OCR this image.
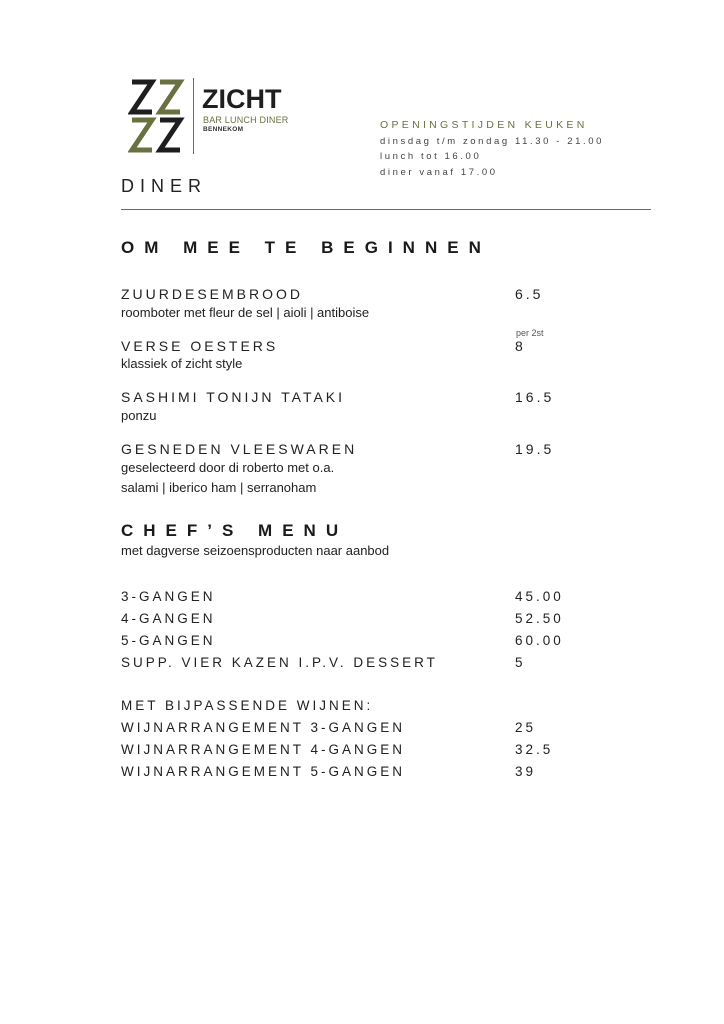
ZICHT
BAR LUNCH DINER
BENNEKOM	OPENINGSTIJDEN KEUKEN
dinsdag t/m zondag 11.30 - 21.00
lunch tot 16.00
diner vanaf 17.00
DINER
OM MEE TE BEGINNEN
ZUURDESEMBROOD	6.5
roomboter met fleur de sel | aioli | antiboise
per 2st
VERSE OESTERS	8
klassiek of zicht style
SASHIMI TONIJN TATAKI	16.5
ponzu
GESNEDEN VLEESWAREN	19.5
geselecteerd door di roberto met o.a.
salami | iberico ham | serranoham
CHEF’S MENU
met dagverse seizoensproducten naar aanbod
3-GANGEN	45.00
4-GANGEN	52.50
5-GANGEN	60.00
SUPP. VIER KAZEN I.P.V. DESSERT	5
MET BIJPASSENDE WIJNEN:
WIJNARRANGEMENT 3-GANGEN	25
WIJNARRANGEMENT 4-GANGEN	32.5
WIJNARRANGEMENT 5-GANGEN	39
